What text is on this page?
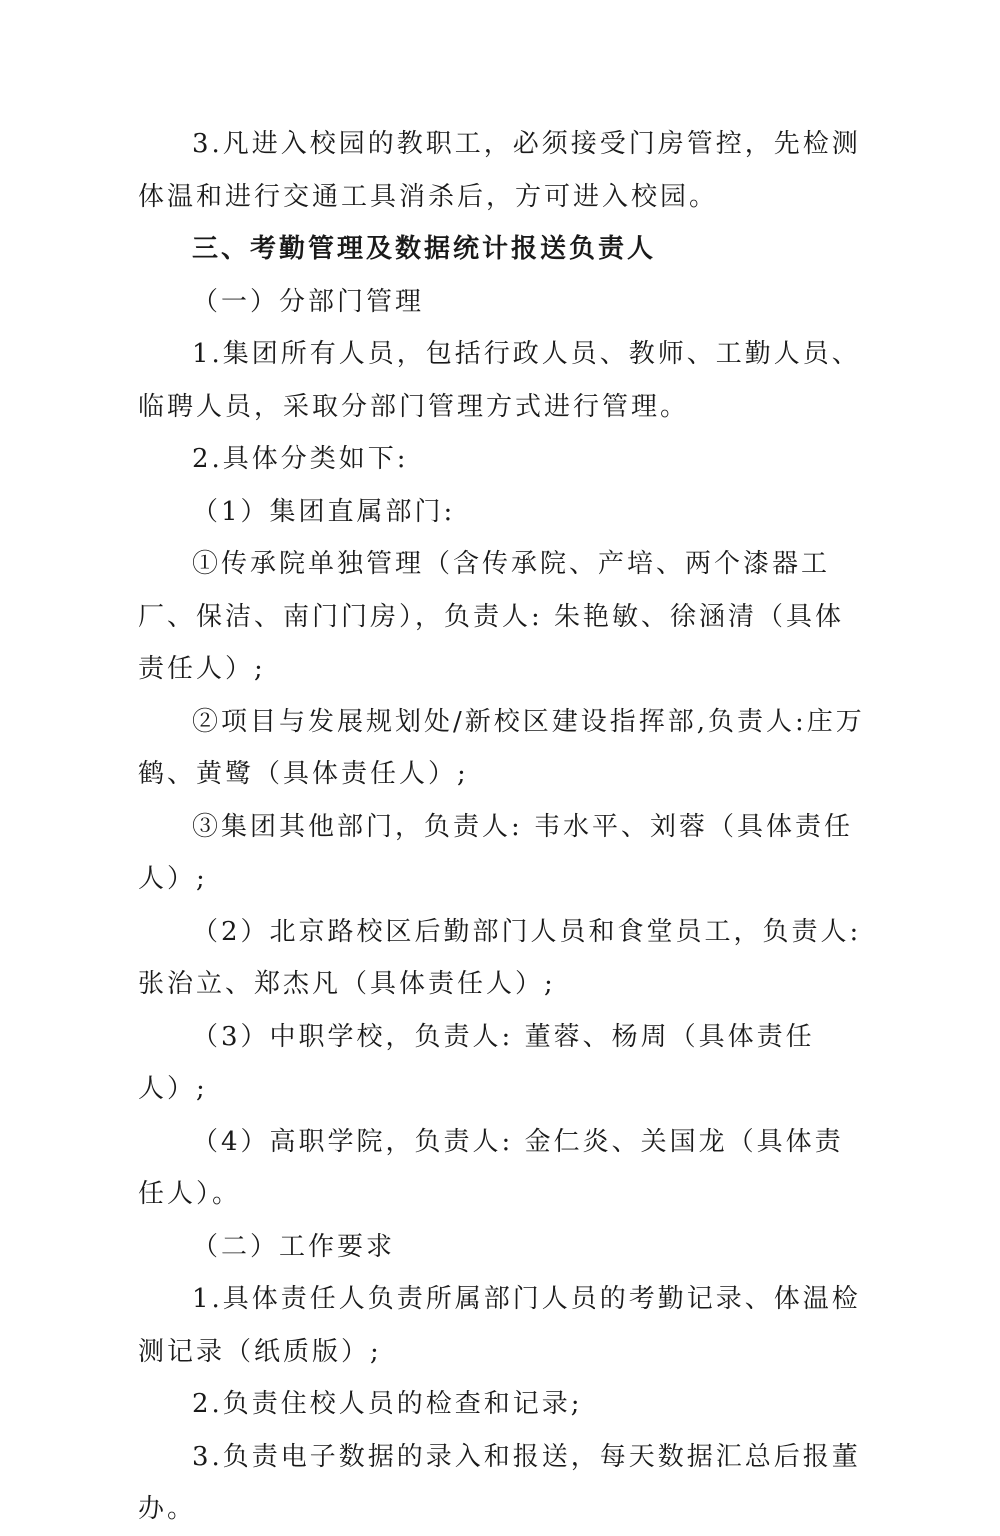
3.凡进入校园的教职工，必须接受门房管控，先检测体温和进行交通工具消杀后，方可进入校园。

三、考勤管理及数据统计报送负责人

（一）分部门管理

1.集团所有人员，包括行政人员、教师、工勤人员、临聘人员，采取分部门管理方式进行管理。

2.具体分类如下:

（1）集团直属部门:

①传承院单独管理（含传承院、产培、两个漆器工厂、保洁、南门门房），负责人: 朱艳敏、徐涵清（具体责任人）;

②项目与发展规划处/新校区建设指挥部,负责人:庄万鹤、黄鹭（具体责任人）;

③集团其他部门，负责人: 韦水平、刘蓉（具体责任人）;

（2）北京路校区后勤部门人员和食堂员工，负责人: 张治立、郑杰凡（具体责任人）;

（3）中职学校，负责人: 董蓉、杨周（具体责任人）;

（4）高职学院，负责人: 金仁炎、关国龙（具体责任人）。

（二）工作要求

1.具体责任人负责所属部门人员的考勤记录、体温检测记录（纸质版）;

2.负责住校人员的检查和记录;

3.负责电子数据的录入和报送，每天数据汇总后报董办。
